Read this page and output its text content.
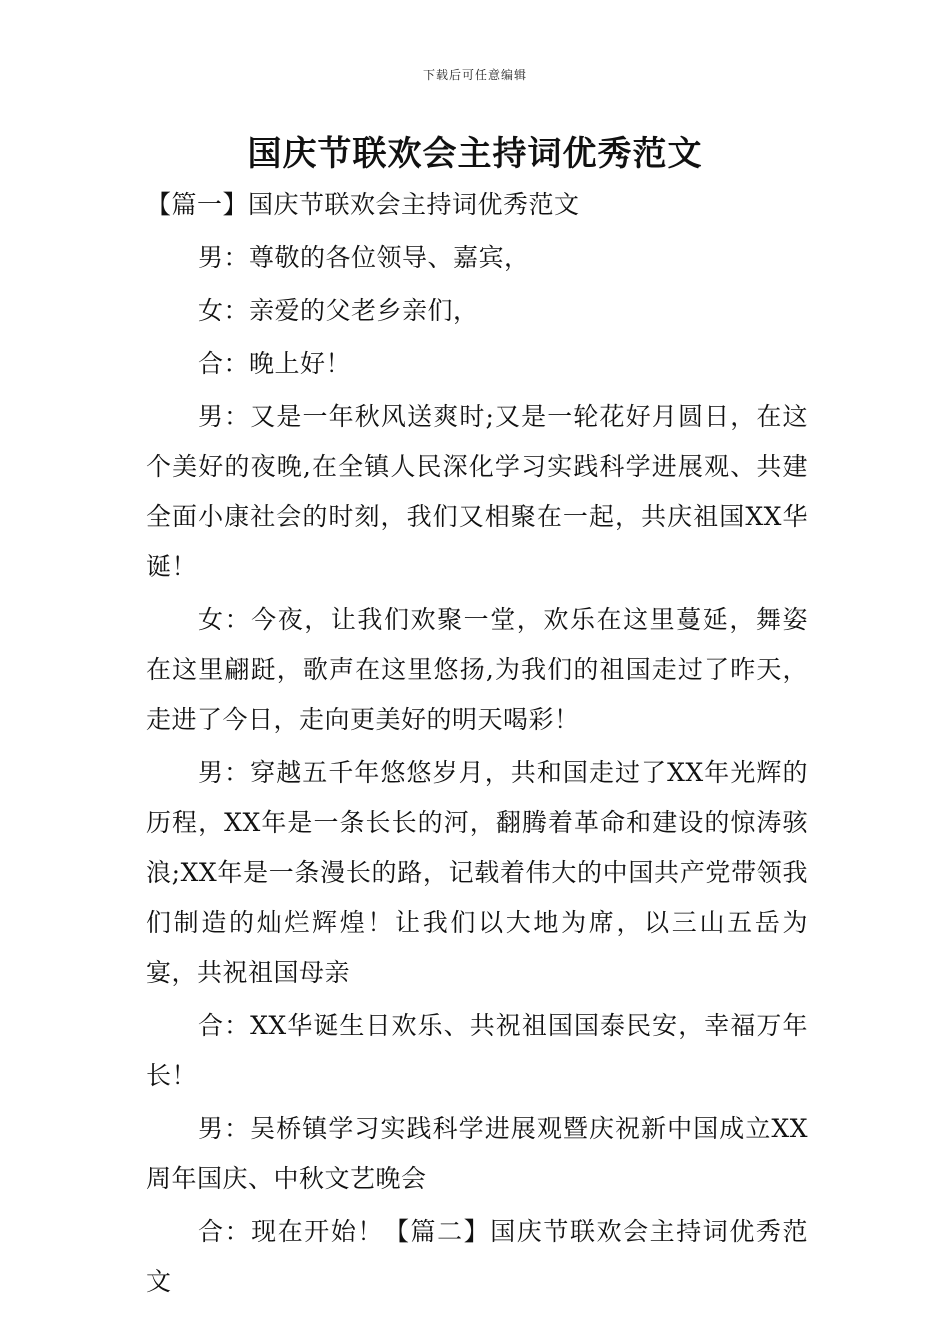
下载后可任意编辑
国庆节联欢会主持词优秀范文

【篇一】国庆节联欢会主持词优秀范文

男：尊敬的各位领导、嘉宾，

女：亲爱的父老乡亲们，

合：晚上好！

男：又是一年秋风送爽时;又是一轮花好月圆日，在这个美好的夜晚,在全镇人民深化学习实践科学进展观、共建全面小康社会的时刻，我们又相聚在一起，共庆祖国XX华诞！

女：今夜，让我们欢聚一堂，欢乐在这里蔓延，舞姿在这里翩跹，歌声在这里悠扬,为我们的祖国走过了昨天，走进了今日，走向更美好的明天喝彩！

男：穿越五千年悠悠岁月，共和国走过了XX年光辉的历程，XX年是一条长长的河，翻腾着革命和建设的惊涛骇浪;XX年是一条漫长的路，记载着伟大的中国共产党带领我们制造的灿烂辉煌！让我们以大地为席，以三山五岳为宴，共祝祖国母亲

合：XX华诞生日欢乐、共祝祖国国泰民安，幸福万年长！

男：吴桥镇学习实践科学进展观暨庆祝新中国成立XX周年国庆、中秋文艺晚会

合：现在开始！【篇二】国庆节联欢会主持词优秀范文
